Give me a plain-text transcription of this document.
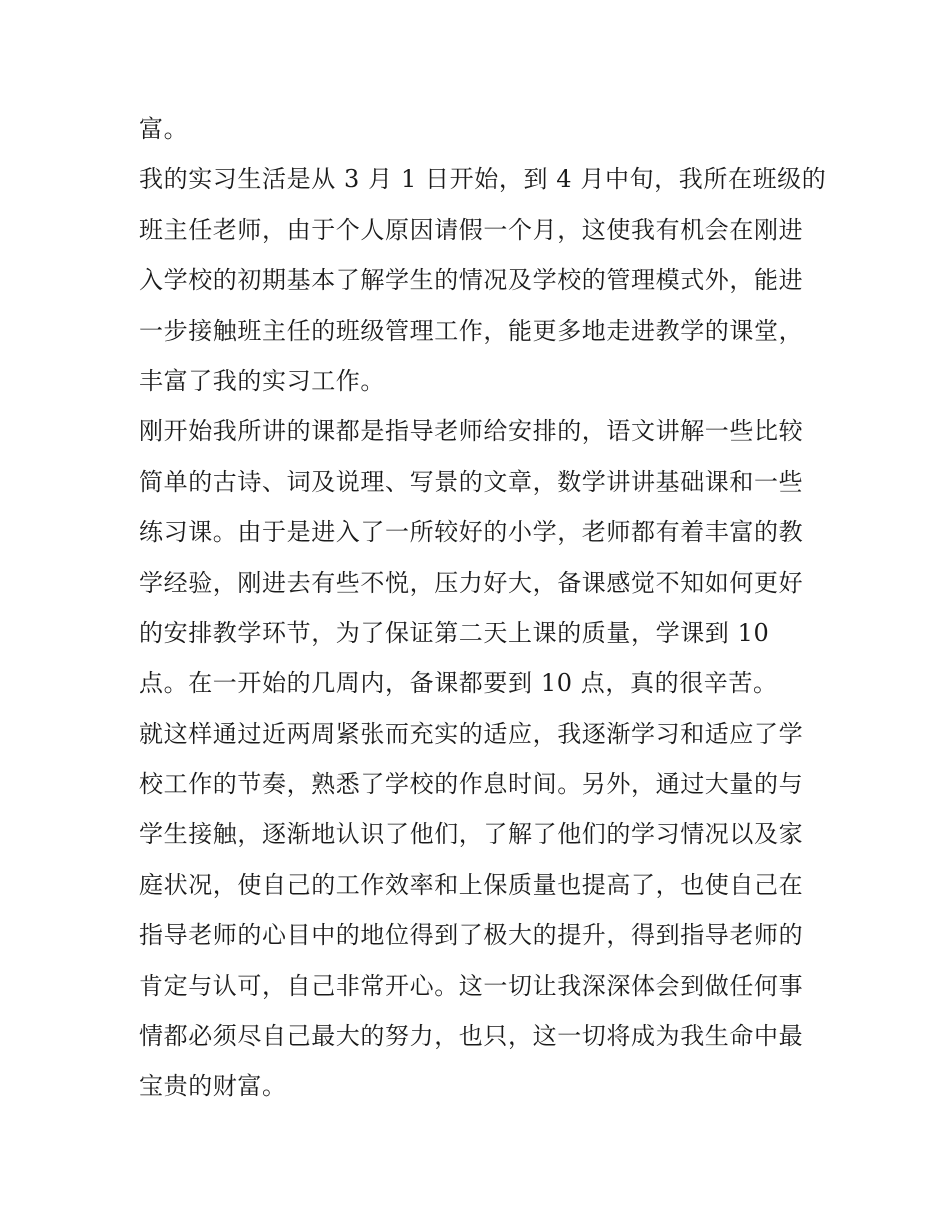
富。
我的实习生活是从 3 月 1 日开始，到 4 月中旬，我所在班级的
班主任老师，由于个人原因请假一个月，这使我有机会在刚进
入学校的初期基本了解学生的情况及学校的管理模式外，能进
一步接触班主任的班级管理工作，能更多地走进教学的课堂，
丰富了我的实习工作。
刚开始我所讲的课都是指导老师给安排的，语文讲解一些比较
简单的古诗、词及说理、写景的文章，数学讲讲基础课和一些
练习课。由于是进入了一所较好的小学，老师都有着丰富的教
学经验，刚进去有些不悦，压力好大，备课感觉不知如何更好
的安排教学环节，为了保证第二天上课的质量，学课到 10
点。在一开始的几周内，备课都要到 10 点，真的很辛苦。
就这样通过近两周紧张而充实的适应，我逐渐学习和适应了学
校工作的节奏，熟悉了学校的作息时间。另外，通过大量的与
学生接触，逐渐地认识了他们，了解了他们的学习情况以及家
庭状况，使自己的工作效率和上保质量也提高了，也使自己在
指导老师的心目中的地位得到了极大的提升，得到指导老师的
肯定与认可，自己非常开心。这一切让我深深体会到做任何事
情都必须尽自己最大的努力，也只，这一切将成为我生命中最
宝贵的财富。
